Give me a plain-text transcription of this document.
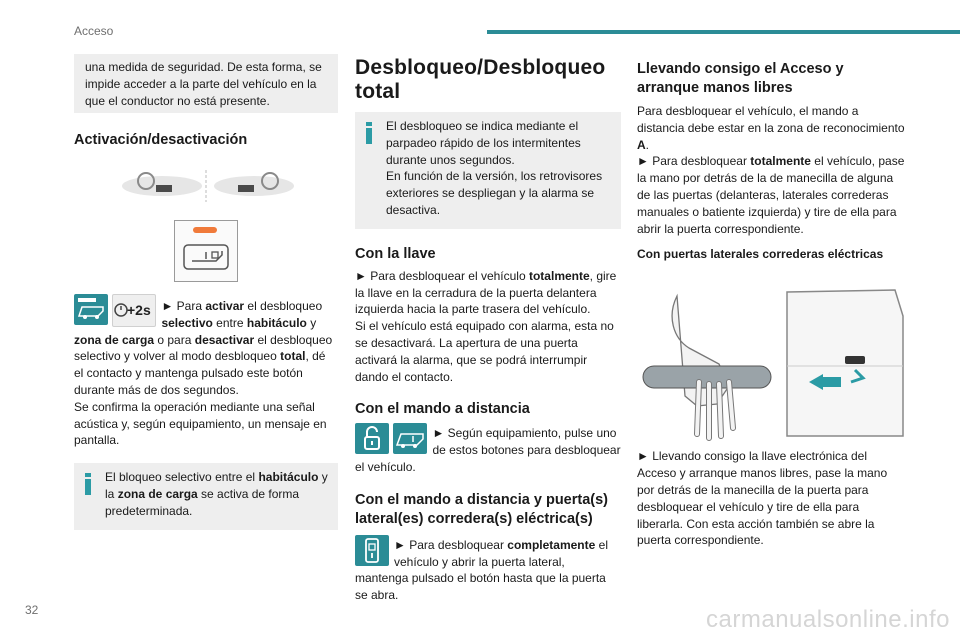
Acceso
una medida de seguridad. De esta forma, se impide acceder a la parte del vehículo en la que el conductor no está presente.
Activación/desactivación

+2s ► Para activar el desbloqueo selectivo entre habitáculo y zona de carga o para desactivar el desbloqueo selectivo y volver al modo desbloqueo total, dé el contacto y mantenga pulsado este botón durante más de dos segundos.

Se confirma la operación mediante una señal acústica y, según equipamiento, un mensaje en pantalla.

El bloqueo selectivo entre el habitáculo y la zona de carga se activa de forma predeterminada.
Desbloqueo/Desbloqueo total
El desbloqueo se indica mediante el parpadeo rápido de los intermitentes durante unos segundos.
En función de la versión, los retrovisores exteriores se despliegan y la alarma se desactiva.
Con la llave

► Para desbloquear el vehículo totalmente, gire la llave en la cerradura de la puerta delantera izquierda hacia la parte trasera del vehículo.

Si el vehículo está equipado con alarma, esta no se desactivará. La apertura de una puerta activará la alarma, que se podrá interrumpir dando el contacto.

Con el mando a distancia

► Según equipamiento, pulse uno de estos botones para desbloquear el vehículo.

Con el mando a distancia y puerta(s) lateral(es) corredera(s) eléctrica(s)

► Para desbloquear completamente el vehículo y abrir la puerta lateral, mantenga pulsado el botón hasta que la puerta se abra.

Llevando consigo el Acceso y arranque manos libres

Para desbloquear el vehículo, el mando a distancia debe estar en la zona de reconocimiento A.

► Para desbloquear totalmente el vehículo, pase la mano por detrás de la de manecilla de alguna de las puertas (delanteras, laterales correderas manuales o batiente izquierda) y tire de ella para abrir la puerta correspondiente.

Con puertas laterales correderas eléctricas

► Llevando consigo la llave electrónica del Acceso y arranque manos libres, pase la mano por detrás de la manecilla de la puerta para desbloquear el vehículo y tire de ella para liberarla. Con esta acción también se abre la puerta correspondiente.

32	carmanualsonline.info
